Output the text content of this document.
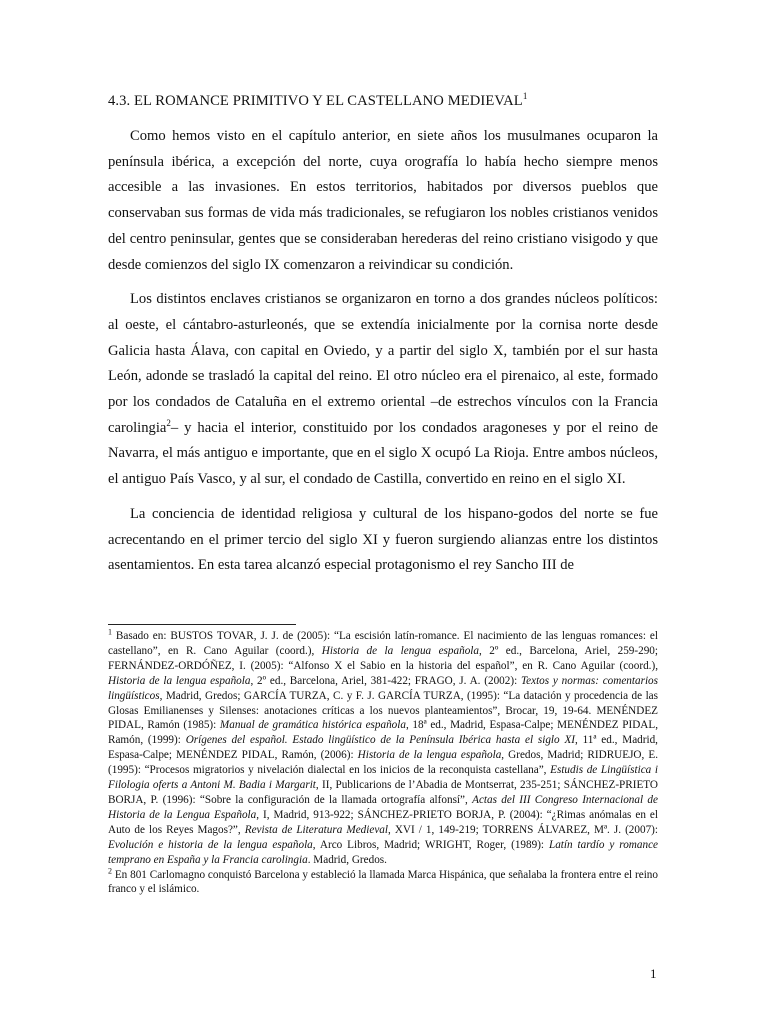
4.3. EL ROMANCE PRIMITIVO Y EL CASTELLANO MEDIEVAL$^1$

Como hemos visto en el capítulo anterior, en siete años los musulmanes ocuparon la península ibérica, a excepción del norte, cuya orografía lo había hecho siempre menos accesible a las invasiones. En estos territorios, habitados por diversos pueblos que conservaban sus formas de vida más tradicionales, se refugiaron los nobles cristianos venidos del centro peninsular, gentes que se consideraban herederas del reino cristiano visigodo y que desde comienzos del siglo IX comenzaron a reivindicar su condición.

Los distintos enclaves cristianos se organizaron en torno a dos grandes núcleos políticos: al oeste, el cántabro-asturleonés, que se extendía inicialmente por la cornisa norte desde Galicia hasta Álava, con capital en Oviedo, y a partir del siglo X, también por el sur hasta León, adonde se trasladó la capital del reino. El otro núcleo era el pirenaico, al este, formado por los condados de Cataluña en el extremo oriental –de estrechos vínculos con la Francia carolingia$^2$– y hacia el interior, constituido por los condados aragoneses y por el reino de Navarra, el más antiguo e importante, que en el siglo X ocupó La Rioja. Entre ambos núcleos, el antiguo País Vasco, y al sur, el condado de Castilla, convertido en reino en el siglo XI.

La conciencia de identidad religiosa y cultural de los hispano-godos del norte se fue acrecentando en el primer tercio del siglo XI y fueron surgiendo alianzas entre los distintos asentamientos. En esta tarea alcanzó especial protagonismo el rey Sancho III de

$^1$ Basado en: BUSTOS TOVAR, J. J. de (2005): “La escisión latín-romance. El nacimiento de las lenguas romances: el castellano”, en R. Cano Aguilar (coord.), Historia de la lengua española, 2º ed., Barcelona, Ariel, 259-290; FERNÁNDEZ-ORDÓÑEZ, I. (2005): “Alfonso X el Sabio en la historia del español”, en R. Cano Aguilar (coord.), Historia de la lengua española, 2º ed., Barcelona, Ariel, 381-422; FRAGO, J. A. (2002): Textos y normas: comentarios lingüísticos, Madrid, Gredos; GARCÍA TURZA, C. y F. J. GARCÍA TURZA, (1995): “La datación y procedencia de las Glosas Emilianenses y Silenses: anotaciones críticas a los nuevos planteamientos”, Brocar, 19, 19-64. MENÉNDEZ PIDAL, Ramón (1985): Manual de gramática histórica española, 18ª ed., Madrid, Espasa-Calpe; MENÉNDEZ PIDAL, Ramón, (1999): Orígenes del español. Estado lingüístico de la Península Ibérica hasta el siglo XI, 11ª ed., Madrid, Espasa-Calpe; MENÉNDEZ PIDAL, Ramón, (2006): Historia de la lengua española, Gredos, Madrid; RIDRUEJO, E. (1995): “Procesos migratorios y nivelación dialectal en los inicios de la reconquista castellana”, Estudis de Lingüística i Filologia oferts a Antoni M. Badia i Margarit, II, Publicarions de l’Abadia de Montserrat, 235-251; SÁNCHEZ-PRIETO BORJA, P. (1996): “Sobre la configuración de la llamada ortografía alfonsí”, Actas del III Congreso Internacional de Historia de la Lengua Española, I, Madrid, 913-922; SÁNCHEZ-PRIETO BORJA, P. (2004): “¿Rimas anómalas en el Auto de los Reyes Magos?”, Revista de Literatura Medieval, XVI / 1, 149-219; TORRENS ÁLVAREZ, Mª. J. (2007): Evolución e historia de la lengua española, Arco Libros, Madrid; WRIGHT, Roger, (1989): Latín tardío y romance temprano en España y la Francia carolingia. Madrid, Gredos.

$^2$ En 801 Carlomagno conquistó Barcelona y estableció la llamada Marca Hispánica, que señalaba la frontera entre el reino franco y el islámico.

1
